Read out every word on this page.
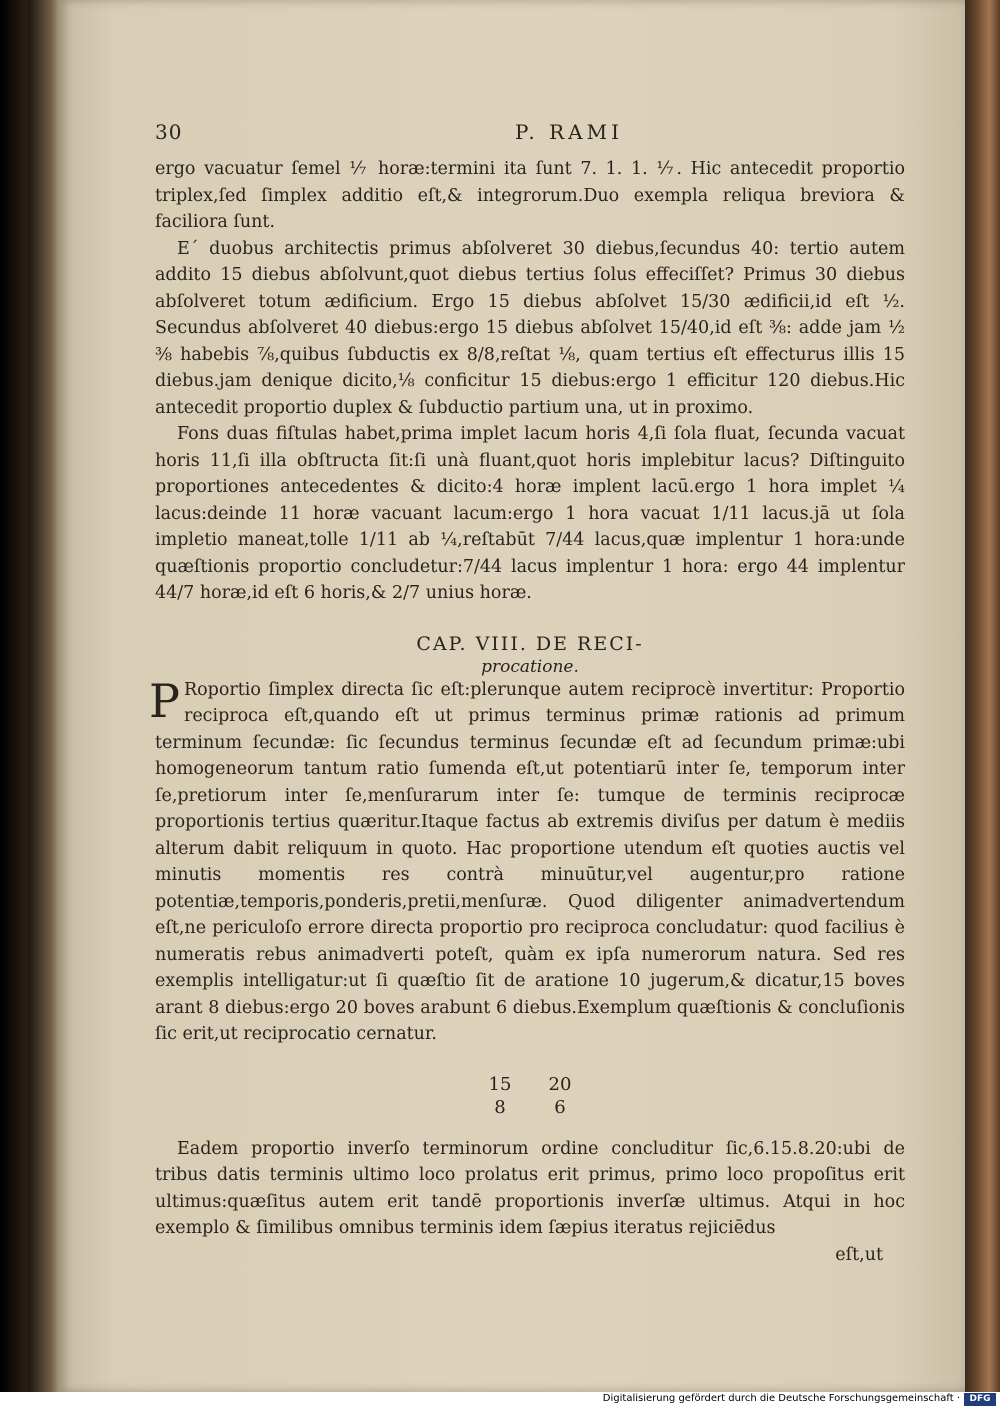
30	P. RAMI

ergo vacuatur ſemel ⅐ horæ:termini ita ſunt 7. 1. 1. ⅐. Hic antecedit proportio triplex,ſed ſimplex additio eſt,& integrorum.Duo exempla reliqua breviora & faciliora ſunt.

E´ duobus architectis primus abſolveret 30 diebus,ſecundus 40: tertio autem addito 15 diebus abſolvunt,quot diebus tertius ſolus effeciſſet? Primus 30 diebus abſolveret totum ædificium. Ergo 15 diebus abſolvet 15/30 ædificii,id eſt ½. Secundus abſolveret 40 diebus:ergo 15 diebus abſolvet 15/40,id eſt ⅜: adde jam ½ ⅜ habebis ⅞,quibus ſubductis ex 8/8,reſtat ⅛, quam tertius eſt effecturus illis 15 diebus.jam denique dicito,⅛ conficitur 15 diebus:ergo 1 efficitur 120 diebus.Hic antecedit proportio duplex & ſubductio partium una, ut in proximo.

Fons duas fiſtulas habet,prima implet lacum horis 4,ſi ſola fluat, ſecunda vacuat horis 11,ſi illa obſtructa ſit:ſi unà fluant,quot horis implebitur lacus? Diſtinguito proportiones antecedentes & dicito:4 horæ implent lacū.ergo 1 hora implet ¼ lacus:deinde 11 horæ vacuant lacum:ergo 1 hora vacuat 1/11 lacus.jā ut ſola impletio maneat,tolle 1/11 ab ¼,reſtabūt 7/44 lacus,quæ implentur 1 hora:unde quæſtionis proportio concludetur:7/44 lacus implentur 1 hora: ergo 44 implentur 44/7 horæ,id eſt 6 horis,& 2/7 unius horæ.

CAP. VIII. DE RECI-
procatione.

P Roportio ſimplex directa ſic eſt:plerunque autem reciprocè invertitur: Proportio reciproca eſt,quando eſt ut primus terminus primæ rationis ad primum terminum ſecundæ: ſic ſecundus terminus ſecundæ eſt ad ſecundum primæ:ubi homogeneorum tantum ratio ſumenda eſt,ut potentiarū inter ſe, temporum inter ſe,pretiorum inter ſe,menſurarum inter ſe: tumque de terminis reciprocæ proportionis tertius quæritur.Itaque factus ab extremis diviſus per datum è mediis alterum dabit reliquum in quoto. Hac proportione utendum eſt quoties auctis vel minutis momentis res contrà minuūtur,vel augentur,pro ratione potentiæ,temporis,ponderis,pretii,menſuræ. Quod diligenter animadvertendum eſt,ne periculoſo errore directa proportio pro reciproca concludatur: quod facilius è numeratis rebus animadverti poteſt, quàm ex ipſa numerorum natura. Sed res exemplis intelligatur:ut ſi quæſtio ſit de aratione 10 jugerum,& dicatur,15 boves arant 8 diebus:ergo 20 boves arabunt 6 diebus.Exemplum quæſtionis & concluſionis ſic erit,ut reciprocatio cernatur.

15	20
8	6

Eadem proportio inverſo terminorum ordine concluditur ſic,6.15.8.20:ubi de tribus datis terminis ultimo loco prolatus erit primus, primo loco propoſitus erit ultimus:quæſitus autem erit tandē proportionis inverſæ ultimus. Atqui in hoc exemplo & ſimilibus omnibus terminis idem ſæpius iteratus rejiciēdus

eſt,ut
Digitalisierung gefördert durch die Deutsche Forschungsgemeinschaft ·	DFG
